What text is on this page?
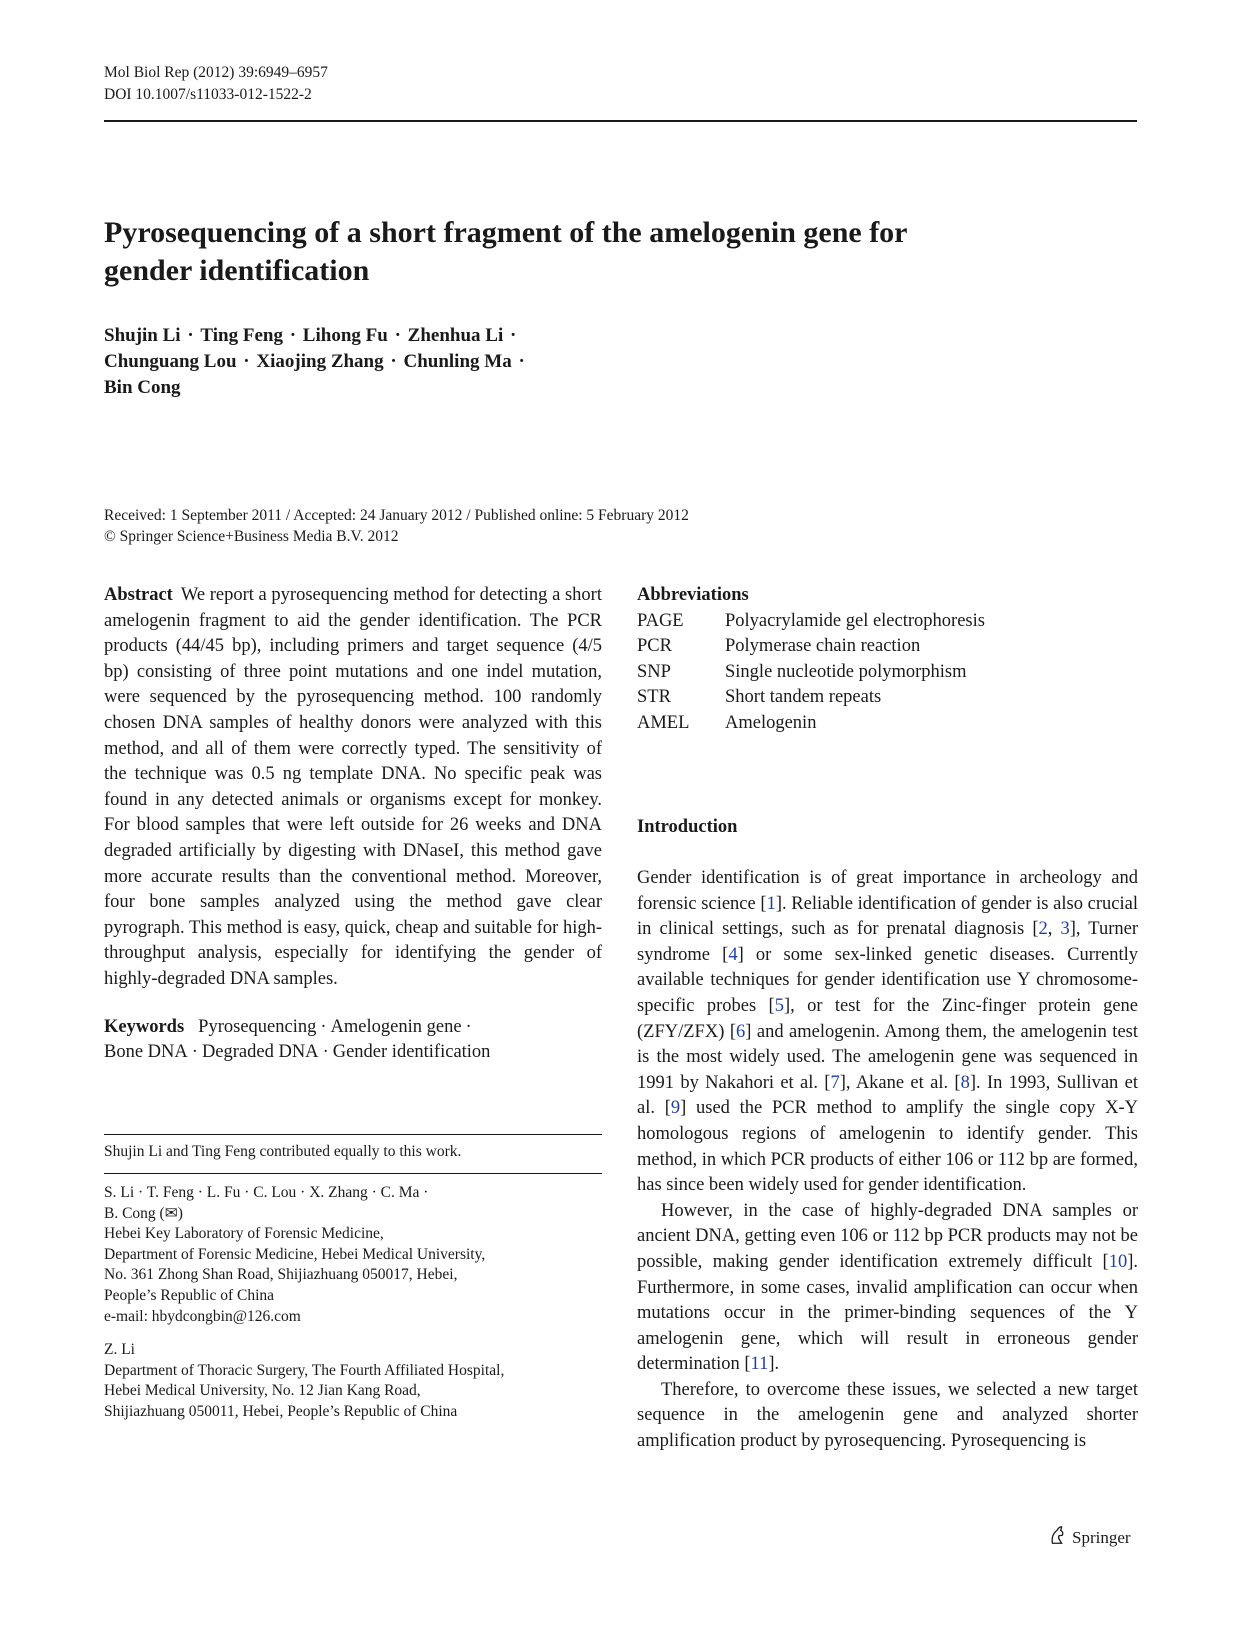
Mol Biol Rep (2012) 39:6949–6957
DOI 10.1007/s11033-012-1522-2
Pyrosequencing of a short fragment of the amelogenin gene for gender identification
Shujin Li · Ting Feng · Lihong Fu · Zhenhua Li ·
Chunguang Lou · Xiaojing Zhang · Chunling Ma ·
Bin Cong
Received: 1 September 2011 / Accepted: 24 January 2012 / Published online: 5 February 2012
© Springer Science+Business Media B.V. 2012

Abstract We report a pyrosequencing method for detecting a short amelogenin fragment to aid the gender identification. The PCR products (44/45 bp), including primers and target sequence (4/5 bp) consisting of three point mutations and one indel mutation, were sequenced by the pyrosequencing method. 100 randomly chosen DNA samples of healthy donors were analyzed with this method, and all of them were correctly typed. The sensitivity of the technique was 0.5 ng template DNA. No specific peak was found in any detected animals or organisms except for monkey. For blood samples that were left outside for 26 weeks and DNA degraded artificially by digesting with DNaseI, this method gave more accurate results than the conventional method. Moreover, four bone samples analyzed using the method gave clear pyrograph. This method is easy, quick, cheap and suitable for high-throughput analysis, especially for identifying the gender of highly-degraded DNA samples.

Keywords Pyrosequencing · Amelogenin gene ·
Bone DNA · Degraded DNA · Gender identification
Shujin Li and Ting Feng contributed equally to this work.
S. Li · T. Feng · L. Fu · C. Lou · X. Zhang · C. Ma ·
B. Cong (✉)
Hebei Key Laboratory of Forensic Medicine,
Department of Forensic Medicine, Hebei Medical University,
No. 361 Zhong Shan Road, Shijiazhuang 050017, Hebei,
People’s Republic of China
e-mail: hbydcongbin@126.com
Z. Li
Department of Thoracic Surgery, The Fourth Affiliated Hospital,
Hebei Medical University, No. 12 Jian Kang Road,
Shijiazhuang 050011, Hebei, People’s Republic of China
Abbreviations
PAGE	Polyacrylamide gel electrophoresis
PCR	Polymerase chain reaction
SNP	Single nucleotide polymorphism
STR	Short tandem repeats
AMEL	Amelogenin
Introduction

Gender identification is of great importance in archeology and forensic science [1]. Reliable identification of gender is also crucial in clinical settings, such as for prenatal diagnosis [2, 3], Turner syndrome [4] or some sex-linked genetic diseases. Currently available techniques for gender identification use Y chromosome-specific probes [5], or test for the Zinc-finger protein gene (ZFY/ZFX) [6] and amelogenin. Among them, the amelogenin test is the most widely used. The amelogenin gene was sequenced in 1991 by Nakahori et al. [7], Akane et al. [8]. In 1993, Sullivan et al. [9] used the PCR method to amplify the single copy X-Y homologous regions of amelogenin to identify gender. This method, in which PCR products of either 106 or 112 bp are formed, has since been widely used for gender identification.

However, in the case of highly-degraded DNA samples or ancient DNA, getting even 106 or 112 bp PCR products may not be possible, making gender identification extremely difficult [10]. Furthermore, in some cases, invalid amplification can occur when mutations occur in the primer-binding sequences of the Y amelogenin gene, which will result in erroneous gender determination [11].

Therefore, to overcome these issues, we selected a new target sequence in the amelogenin gene and analyzed shorter amplification product by pyrosequencing. Pyrosequencing is

Springer
